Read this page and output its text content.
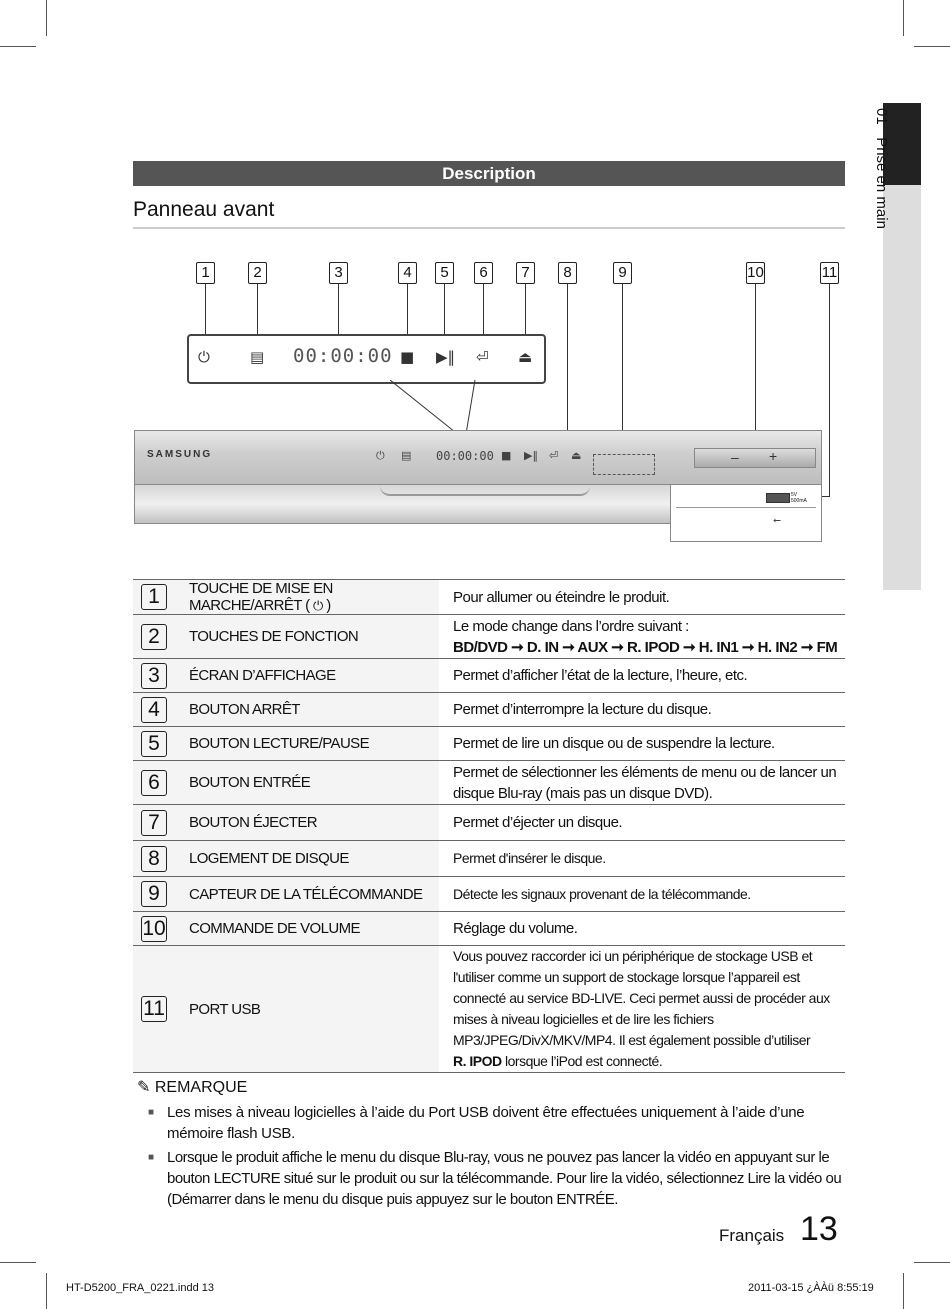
01   Prise en main
Description
Panneau avant
1	2	3	4	5	6	7	8	9	10	11
⏻	▤ 00:00:00 ■ ▶‖ ⏎ ⏏
5V 500mA
⭠
SAMSUNG	⏻ ▤ 00:00:00 ■ ▶‖ ⏎ ⏏	– +
1	TOUCHE DE MISE EN MARCHE/ARRÊT ( ⏻ )	Pour allumer ou éteindre le produit.
2	TOUCHES DE FONCTION	Le mode change dans l’ordre suivant :
BD/DVD ➞ D. IN ➞ AUX ➞ R. IPOD ➞ H. IN1 ➞ H. IN2 ➞ FM

3	ÉCRAN D’AFFICHAGE	Permet d’afficher l’état de la lecture, l’heure, etc.
4	BOUTON ARRÊT	Permet d’interrompre la lecture du disque.
5	BOUTON LECTURE/PAUSE	Permet de lire un disque ou de suspendre la lecture.
6	BOUTON ENTRÉE	Permet de sélectionner les éléments de menu ou de lancer un disque Blu-ray (mais pas un disque DVD).
7	BOUTON ÉJECTER	Permet d’éjecter un disque.
8	LOGEMENT DE DISQUE	Permet d'insérer le disque.
9	CAPTEUR DE LA TÉLÉCOMMANDE	Détecte les signaux provenant de la télécommande.
10	COMMANDE DE VOLUME	Réglage du volume.
11	PORT USB	Vous pouvez raccorder ici un périphérique de stockage USB et l'utiliser comme un support de stockage lorsque l’appareil est connecté au service BD-LIVE. Ceci permet aussi de procéder aux mises à niveau logicielles et de lire les fichiers MP3/JPEG/DivX/MKV/MP4. Il est également possible d’utiliser
R. IPOD lorsque l’iPod est connecté.
✎ REMARQUE
■ Les mises à niveau logicielles à l’aide du Port USB doivent être effectuées uniquement à l’aide d’une mémoire flash USB.
■ Lorsque le produit affiche le menu du disque Blu-ray, vous ne pouvez pas lancer la vidéo en appuyant sur le bouton LECTURE situé sur le produit ou sur la télécommande. Pour lire la vidéo, sélectionnez Lire la vidéo ou (Démarrer dans le menu du disque puis appuyez sur le bouton ENTRÉE.
Français 13
HT-D5200_FRA_0221.indd 13	2011-03-15 ¿ÀÀü 8:55:19
